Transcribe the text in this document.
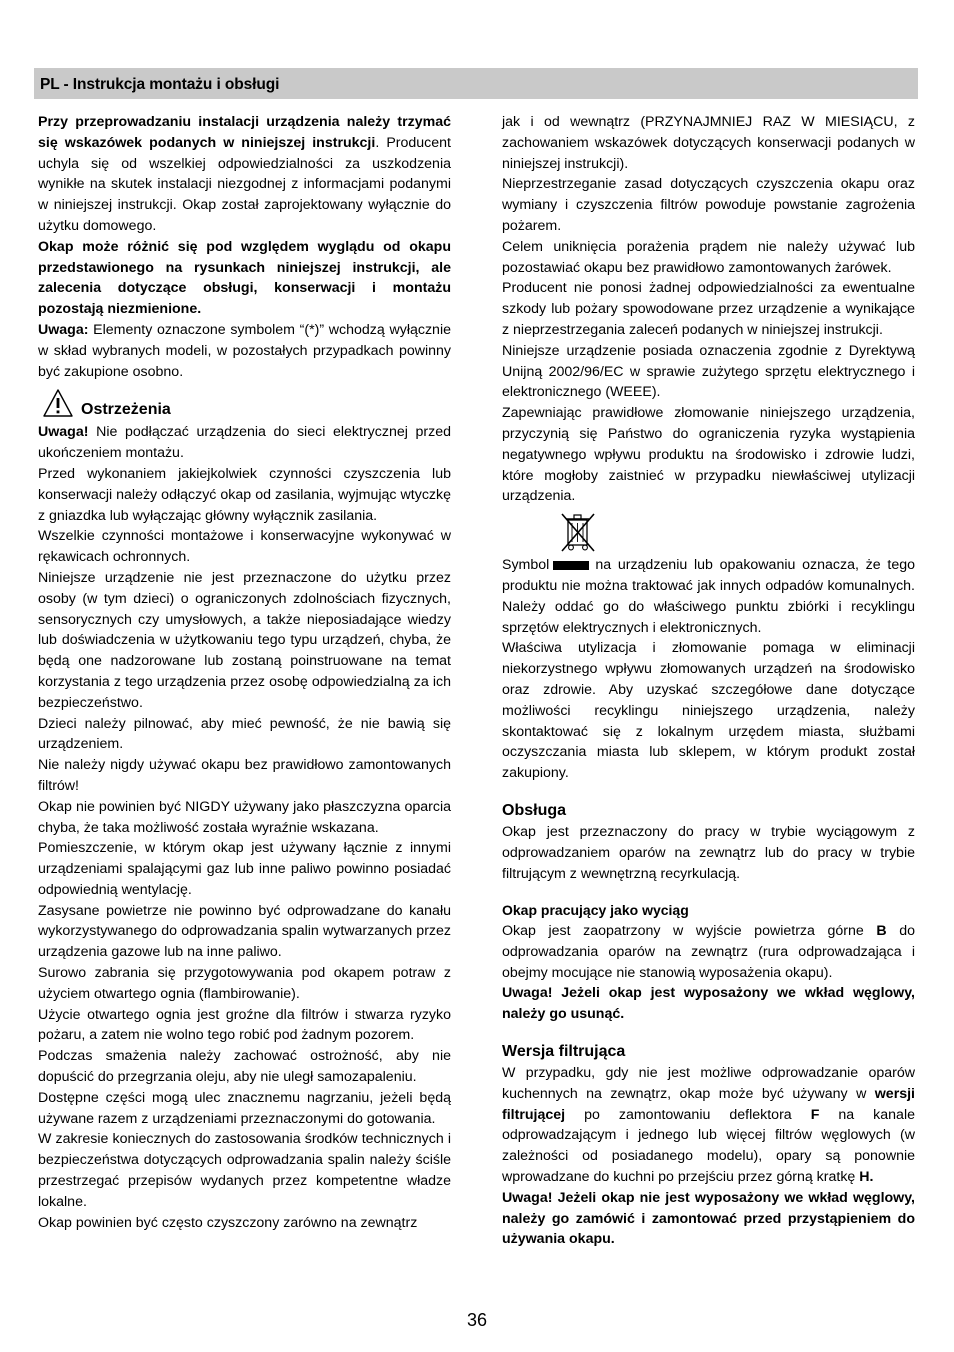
PL - Instrukcja montażu i obsługi

Przy przeprowadzaniu instalacji urządzenia należy trzymać się wskazówek podanych w niniejszej instrukcji. Producent uchyla się od wszelkiej odpowiedzialności za uszkodzenia wynikłe na skutek instalacji niezgodnej z informacjami podanymi w niniejszej instrukcji. Okap został zaprojektowany wyłącznie do użytku domowego.

Okap może różnić się pod względem wyglądu od okapu przedstawionego na rysunkach niniejszej instrukcji, ale zalecenia dotyczące obsługi, konserwacji i montażu pozostają niezmienione.

Uwaga: Elementy oznaczone symbolem “(*)” wchodzą wyłącznie w skład wybranych modeli, w pozostałych przypadkach powinny być zakupione osobno.

Ostrzeżenia

Uwaga! Nie podłączać urządzenia do sieci elektrycznej przed ukończeniem montażu.

Przed wykonaniem jakiejkolwiek czynności czyszczenia lub konserwacji należy odłączyć okap od zasilania, wyjmując wtyczkę z gniazdka lub wyłączając główny wyłącznik zasilania.

Wszelkie czynności montażowe i konserwacyjne wykonywać w rękawicach ochronnych.

Niniejsze urządzenie nie jest przeznaczone do użytku przez osoby (w tym dzieci) o ograniczonych zdolnościach fizycznych, sensorycznych czy umysłowych, a także nieposiadające wiedzy lub doświadczenia w użytkowaniu tego typu urządzeń, chyba, że będą one nadzorowane lub zostaną poinstruowane na temat korzystania z tego urządzenia przez osobę odpowiedzialną za ich bezpieczeństwo.

Dzieci należy pilnować, aby mieć pewność, że nie bawią się urządzeniem.

Nie należy nigdy używać okapu bez prawidłowo zamontowanych filtrów!

Okap nie powinien być NIGDY używany jako płaszczyzna oparcia chyba, że taka możliwość została wyraźnie wskazana.

Pomieszczenie, w którym okap jest używany łącznie z innymi urządzeniami spalającymi gaz lub inne paliwo powinno posiadać odpowiednią wentylację.

Zasysane powietrze nie powinno być odprowadzane do kanału wykorzystywanego do odprowadzania spalin wytwarzanych przez urządzenia gazowe lub na inne paliwo.

Surowo zabrania się przygotowywania pod okapem potraw z użyciem otwartego ognia (flambirowanie).

Użycie otwartego ognia jest groźne dla filtrów i stwarza ryzyko pożaru, a zatem nie wolno tego robić pod żadnym pozorem.

Podczas smażenia należy zachować ostrożność, aby nie dopuścić do przegrzania oleju, aby nie uległ samozapaleniu.

Dostępne części mogą ulec znacznemu nagrzaniu, jeżeli będą używane razem z urządzeniami przeznaczonymi do gotowania.

W zakresie koniecznych do zastosowania środków technicznych i bezpieczeństwa dotyczących odprowadzania spalin należy ściśle przestrzegać przepisów wydanych przez kompetentne władze lokalne.

Okap powinien być często czyszczony zarówno na zewnątrz

jak i od wewnątrz (PRZYNAJMNIEJ RAZ W MIESIĄCU, z zachowaniem wskazówek dotyczących konserwacji podanych w niniejszej instrukcji).

Nieprzestrzeganie zasad dotyczących czyszczenia okapu oraz wymiany i czyszczenia filtrów powoduje powstanie zagrożenia pożarem.

Celem uniknięcia porażenia prądem nie należy używać lub pozostawiać okapu bez prawidłowo zamontowanych żarówek.

Producent nie ponosi żadnej odpowiedzialności za ewentualne szkody lub pożary spowodowane przez urządzenie a wynikające z nieprzestrzegania zaleceń podanych w niniejszej instrukcji.

Niniejsze urządzenie posiada oznaczenia zgodnie z Dyrektywą Unijną 2002/96/EC w sprawie zużytego sprzętu elektrycznego i elektronicznego (WEEE).

Zapewniając prawidłowe złomowanie niniejszego urządzenia, przyczynią się Państwo do ograniczenia ryzyka wystąpienia negatywnego wpływu produktu na środowisko i zdrowie ludzi, które mogłoby zaistnieć w przypadku niewłaściwej utylizacji urządzenia.

Symbol	na urządzeniu lub opakowaniu oznacza, że tego produktu nie można traktować jak innych odpadów komunalnych. Należy oddać go do właściwego punktu zbiórki i recyklingu sprzętów elektrycznych i elektronicznych.

Właściwa utylizacja i złomowanie pomaga w eliminacji niekorzystnego wpływu złomowanych urządzeń na środowisko oraz zdrowie. Aby uzyskać szczegółowe dane dotyczące możliwości recyklingu niniejszego urządzenia, należy skontaktować się z lokalnym urzędem miasta, służbami oczyszczania miasta lub sklepem, w którym produkt został zakupiony.

Obsługa

Okap jest przeznaczony do pracy w trybie wyciągowym z odprowadzaniem oparów na zewnątrz lub do pracy w trybie filtrującym z wewnętrzną recyrkulacją.

Okap pracujący jako wyciąg

Okap jest zaopatrzony w wyjście powietrza górne B do odprowadzania oparów na zewnątrz (rura odprowadzająca i obejmy mocujące nie stanowią wyposażenia okapu).

Uwaga! Jeżeli okap jest wyposażony we wkład węglowy, należy go usunąć.

Wersja filtrująca

W przypadku, gdy nie jest możliwe odprowadzanie oparów kuchennych na zewnątrz, okap może być używany w wersji filtrującej po zamontowaniu deflektora F na kanale odprowadzającym i jednego lub więcej filtrów węglowych (w zależności od posiadanego modelu), opary są ponownie wprowadzane do kuchni po przejściu przez górną kratkę H.

Uwaga! Jeżeli okap nie jest wyposażony we wkład węglowy, należy go zamówić i zamontować przed przystąpieniem do używania okapu.

36
